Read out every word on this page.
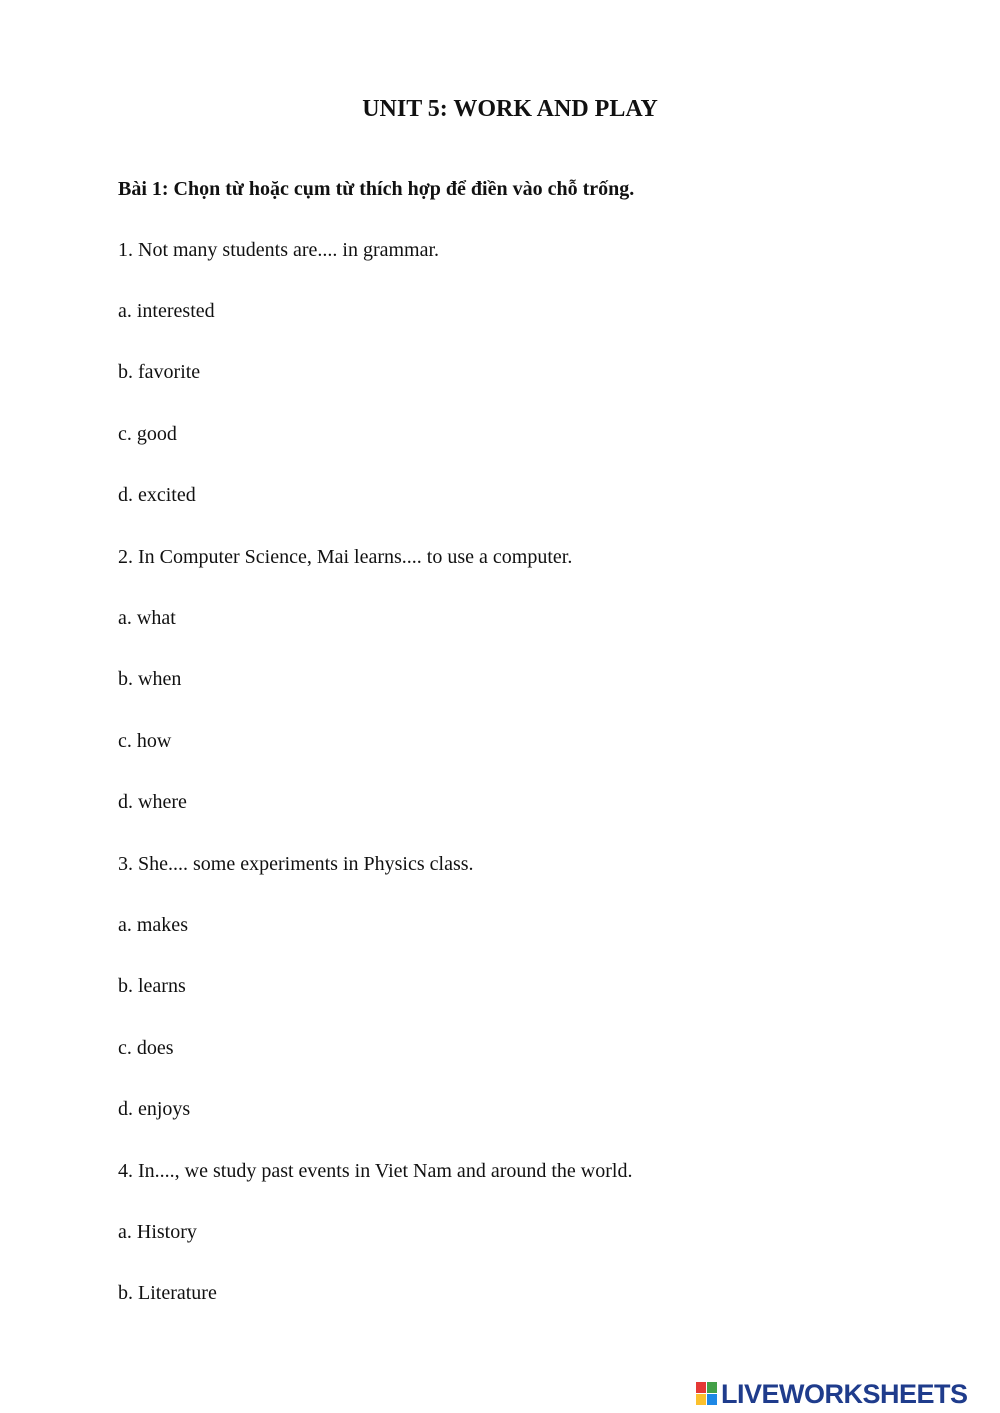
UNIT 5: WORK AND PLAY

Bài 1: Chọn từ hoặc cụm từ thích hợp để điền vào chỗ trống.

1. Not many students are.... in grammar.

a. interested

b. favorite

c. good

d. excited

2. In Computer Science, Mai learns.... to use a computer.

a. what

b. when

c. how

d. where

3. She.... some experiments in Physics class.

a. makes

b. learns

c. does

d. enjoys

4. In...., we study past events in Viet Nam and around the world.

a. History

b. Literature

LIVEWORKSHEETS
